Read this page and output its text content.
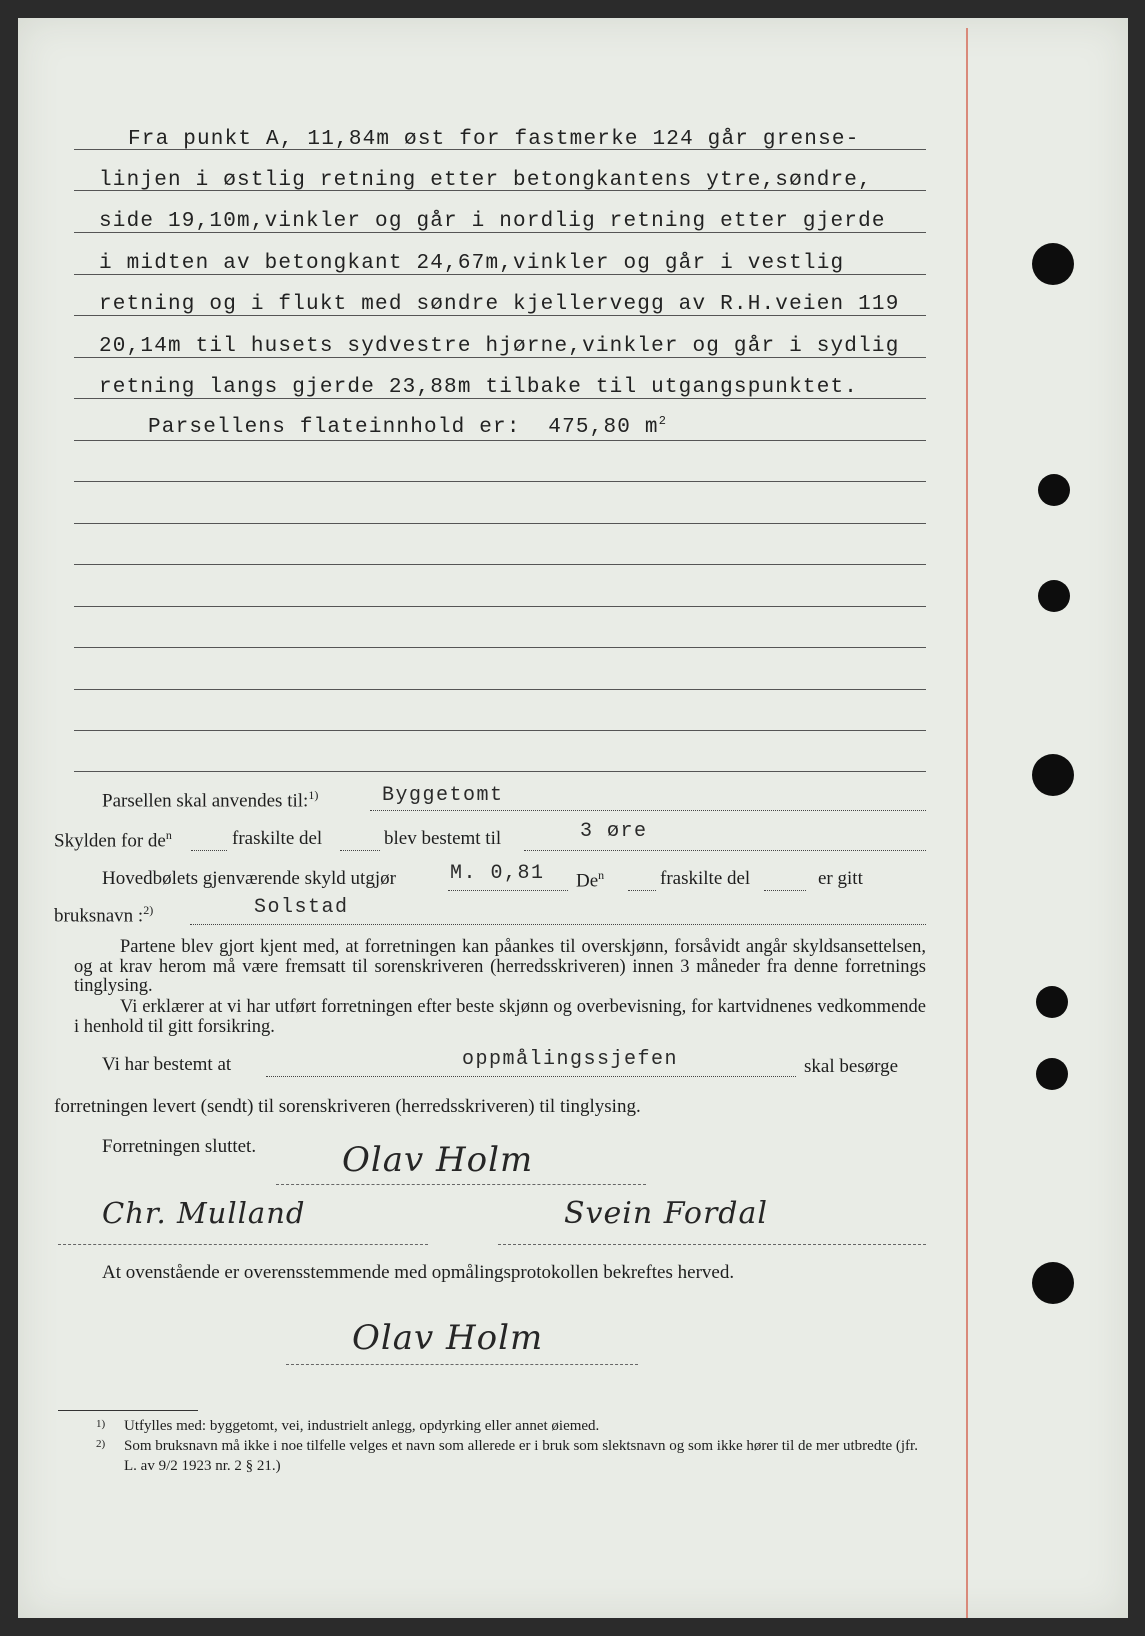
Fra punkt A, 11,84m øst for fastmerke 124 går grense-
linjen i østlig retning etter betongkantens ytre,søndre,
side 19,10m,vinkler og går i nordlig retning etter gjerde
i midten av betongkant 24,67m,vinkler og går i vestlig
retning og i flukt med søndre kjellervegg av R.H.veien 119
20,14m til husets sydvestre hjørne,vinkler og går i sydlig
retning langs gjerde 23,88m tilbake til utgangspunktet.
Parsellens flateinnhold er: 475,80 $m^2$
Parsellen skal anvendes til:$^{1)}$	Byggetomt
Skylden for $de^n$	fraskilte del	blev bestemt til	3 øre
Hovedbølets gjenværende skyld utgjør	M. 0,81 De$^n$	fraskilte del	er gitt
bruksnavn :$^{2)}$	Solstad
Partene blev gjort kjent med, at forretningen kan påankes til overskjønn, forsåvidt angår skyldsansettelsen, og at krav herom må være fremsatt til sorenskriveren (herredsskriveren) innen 3 måneder fra denne forretnings tinglysing.
Vi erklærer at vi har utført forretningen efter beste skjønn og overbevisning, for kartvidnenes vedkommende i henhold til gitt forsikring.
Vi har bestemt at	oppmålingssjefen	skal besørge
forretningen levert (sendt) til sorenskriveren (herredsskriveren) til tinglysing.
Forretningen sluttet.	Olav Holm
Chr. Mulland	Svein Fordal
At ovenstående er overensstemmende med opmålingsprotokollen bekreftes herved.
Olav Holm
1) Utfylles med: byggetomt, vei, industrielt anlegg, opdyrking eller annet øiemed.
2) Som bruksnavn må ikke i noe tilfelle velges et navn som allerede er i bruk som slektsnavn og som ikke hører til de mer utbredte (jfr. L. av 9/2 1923 nr. 2 § 21.)
